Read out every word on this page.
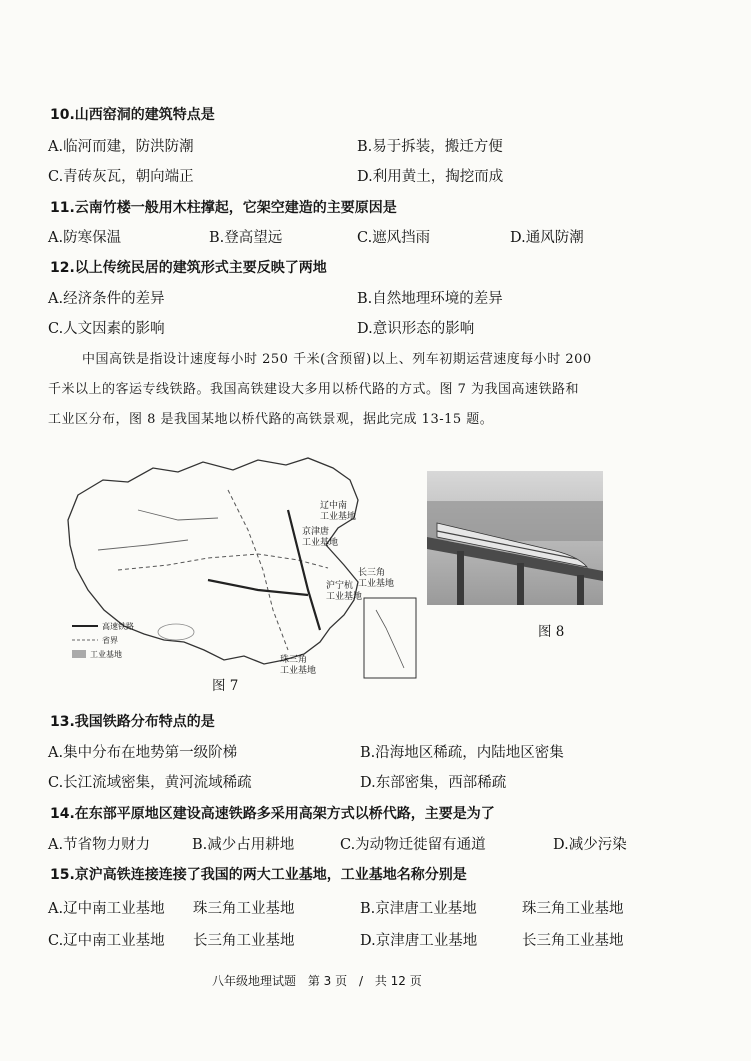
10.山西窑洞的建筑特点是
A.临河而建，防洪防潮	B.易于拆装，搬迁方便
C.青砖灰瓦，朝向端正	D.利用黄土，掏挖而成
11.云南竹楼一般用木柱撑起，它架空建造的主要原因是
A.防寒保温	B.登高望远	C.遮风挡雨	D.通风防潮
12.以上传统民居的建筑形式主要反映了两地
A.经济条件的差异	B.自然地理环境的差异
C.人文因素的影响	D.意识形态的影响
中国高铁是指设计速度每小时 250 千米(含预留)以上、列车初期运营速度每小时 200
千米以上的客运专线铁路。我国高铁建设大多用以桥代路的方式。图 7 为我国高速铁路和
工业区分布，图 8 是我国某地以桥代路的高铁景观，据此完成 13-15 题。
辽中南
工业基地
京津唐
工业基地
沪宁杭
工业基地
长三角
工业基地
珠三角
工业基地
高速铁路
省界
工业基地
图 7
图 8
13.我国铁路分布特点的是
A.集中分布在地势第一级阶梯	B.沿海地区稀疏，内陆地区密集
C.长江流域密集，黄河流域稀疏	D.东部密集，西部稀疏
14.在东部平原地区建设高速铁路多采用高架方式以桥代路，主要是为了
A.节省物力财力	B.减少占用耕地	C.为动物迁徙留有通道	D.减少污染
15.京沪高铁连接连接了我国的两大工业基地，工业基地名称分别是
A.辽中南工业基地 珠三角工业基地	B.京津唐工业基地	珠三角工业基地
C.辽中南工业基地 长三角工业基地	D.京津唐工业基地	长三角工业基地
八年级地理试题 第 3 页 / 共 12 页
